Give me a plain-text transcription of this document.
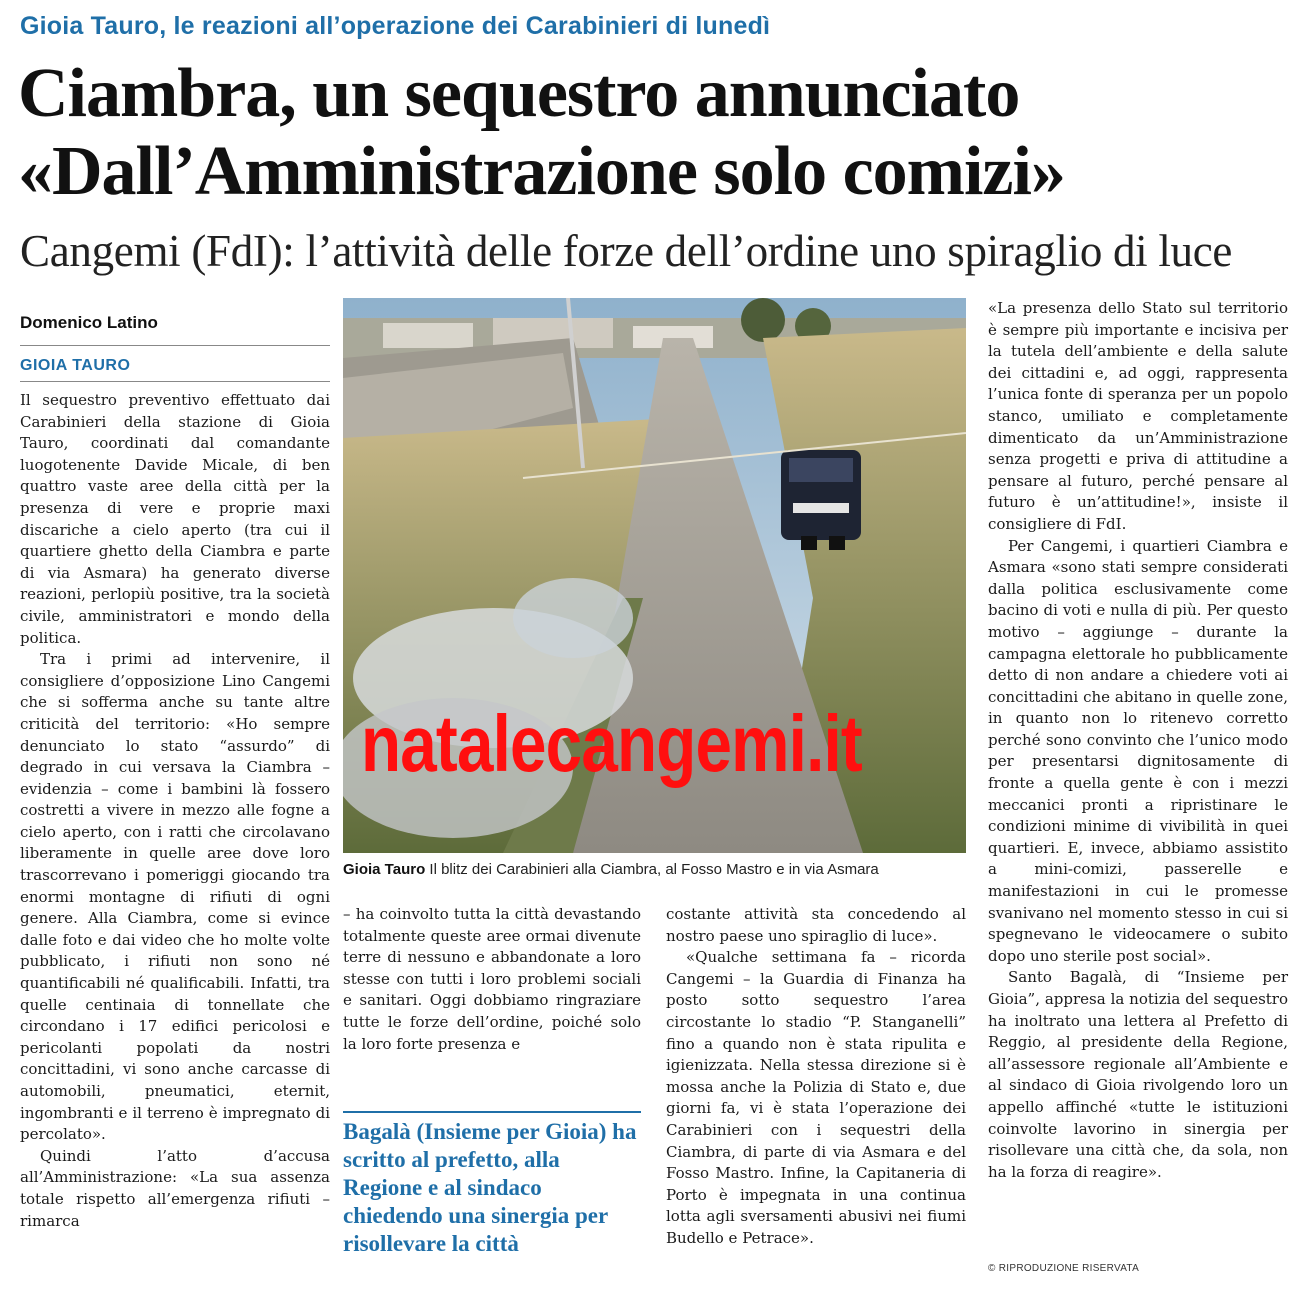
Gioia Tauro, le reazioni all’operazione dei Carabinieri di lunedì
Ciambra, un sequestro annunciato
«Dall’Amministrazione solo comizi»
Cangemi (FdI): l’attività delle forze dell’ordine uno spiraglio di luce
Domenico Latino
GIOIA TAURO

Il sequestro preventivo effettuato dai Carabinieri della stazione di Gioia Tauro, coordinati dal comandante luogotenente Davide Micale, di ben quattro vaste aree della città per la presenza di vere e proprie maxi discariche a cielo aperto (tra cui il quartiere ghetto della Ciambra e parte di via Asmara) ha generato diverse reazioni, perlopiù positive, tra la società civile, amministratori e mondo della politica.

Tra i primi ad intervenire, il consigliere d’opposizione Lino Cangemi che si sofferma anche su tante altre criticità del territorio: «Ho sempre denunciato lo stato “assurdo” di degrado in cui versava la Ciambra – evidenzia – come i bambini là fossero costretti a vivere in mezzo alle fogne a cielo aperto, con i ratti che circolavano liberamente in quelle aree dove loro trascorrevano i pomeriggi giocando tra enormi montagne di rifiuti di ogni genere. Alla Ciambra, come si evince dalle foto e dai video che ho molte volte pubblicato, i rifiuti non sono né quantificabili né qualificabili. Infatti, tra quelle centinaia di tonnellate che circondano i 17 edifici pericolosi e pericolanti popolati da nostri concittadini, vi sono anche carcasse di automobili, pneumatici, eternit, ingombranti e il terreno è impregnato di percolato».

Quindi l’atto d’accusa all’Amministrazione: «La sua assenza totale rispetto all’emergenza rifiuti – rimarca

natalecangemi.it
Gioia Tauro Il blitz dei Carabinieri alla Ciambra, al Fosso Mastro e in via Asmara

– ha coinvolto tutta la città devastando totalmente queste aree ormai divenute terre di nessuno e abbandonate a loro stesse con tutti i loro problemi sociali e sanitari. Oggi dobbiamo ringraziare tutte le forze dell’ordine, poiché solo la loro forte presenza e

Bagalà (Insieme per Gioia) ha scritto al prefetto, alla Regione e al sindaco chiedendo una sinergia per risollevare la città

costante attività sta concedendo al nostro paese uno spiraglio di luce».

«Qualche settimana fa – ricorda Cangemi – la Guardia di Finanza ha posto sotto sequestro l’area circostante lo stadio “P. Stanganelli” fino a quando non è stata ripulita e igienizzata. Nella stessa direzione si è mossa anche la Polizia di Stato e, due giorni fa, vi è stata l’operazione dei Carabinieri con i sequestri della Ciambra, di parte di via Asmara e del Fosso Mastro. Infine, la Capitaneria di Porto è impegnata in una continua lotta agli sversamenti abusivi nei fiumi Budello e Petrace».

«La presenza dello Stato sul territorio è sempre più importante e incisiva per la tutela dell’ambiente e della salute dei cittadini e, ad oggi, rappresenta l’unica fonte di speranza per un popolo stanco, umiliato e completamente dimenticato da un’Amministrazione senza progetti e priva di attitudine a pensare al futuro, perché pensare al futuro è un’attitudine!», insiste il consigliere di FdI.

Per Cangemi, i quartieri Ciambra e Asmara «sono stati sempre considerati dalla politica esclusivamente come bacino di voti e nulla di più. Per questo motivo – aggiunge – durante la campagna elettorale ho pubblicamente detto di non andare a chiedere voti ai concittadini che abitano in quelle zone, in quanto non lo ritenevo corretto perché sono convinto che l’unico modo per presentarsi dignitosamente di fronte a quella gente è con i mezzi meccanici pronti a ripristinare le condizioni minime di vivibilità in quei quartieri. E, invece, abbiamo assistito a mini-comizi, passerelle e manifestazioni in cui le promesse svanivano nel momento stesso in cui si spegnevano le videocamere o subito dopo uno sterile post social».

Santo Bagalà, di “Insieme per Gioia”, appresa la notizia del sequestro ha inoltrato una lettera al Prefetto di Reggio, al presidente della Regione, all’assessore regionale all’Ambiente e al sindaco di Gioia rivolgendo loro un appello affinché «tutte le istituzioni coinvolte lavorino in sinergia per risollevare una città che, da sola, non ha la forza di reagire».

© RIPRODUZIONE RISERVATA
